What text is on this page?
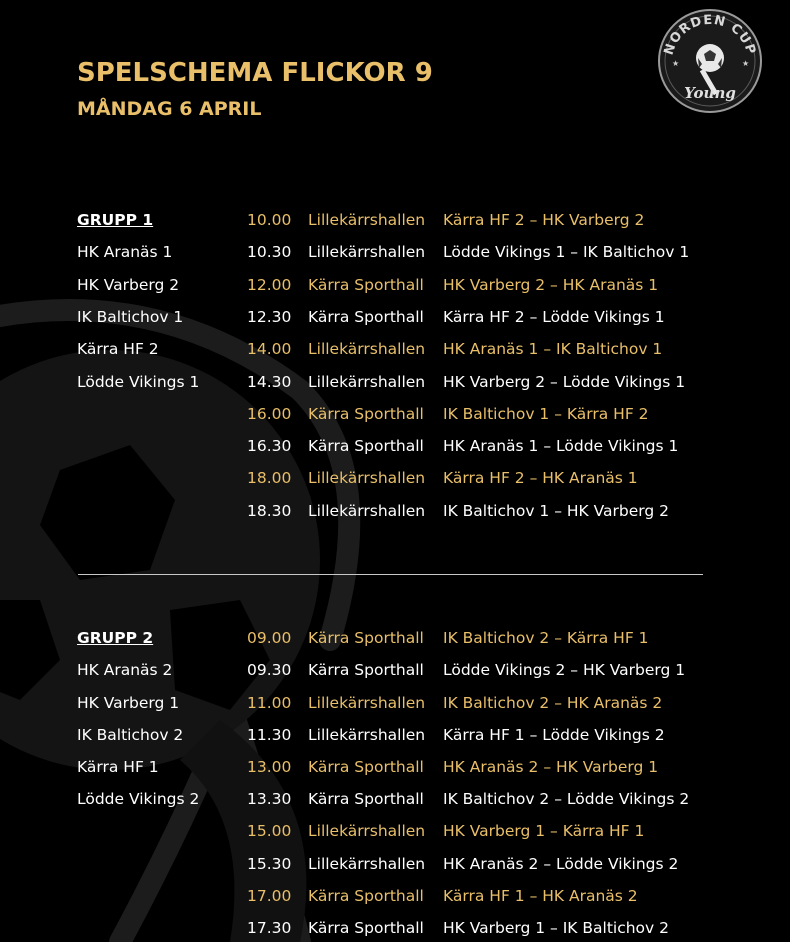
SPELSCHEMA FLICKOR 9
MÅNDAG 6 APRIL
NORDEN CUP
★	★
Young
GRUPP 1	10.00 Lillekärrshallen Kärra HF 2 – HK Varberg 2
HK Aranäs 1	10.30 Lillekärrshallen Lödde Vikings 1 – IK Baltichov 1
HK Varberg 2	12.00 Kärra Sporthall HK Varberg 2 – HK Aranäs 1
IK Baltichov 1	12.30 Kärra Sporthall Kärra HF 2 – Lödde Vikings 1
Kärra HF 2	14.00 Lillekärrshallen HK Aranäs 1 – IK Baltichov 1
Lödde Vikings 1	14.30 Lillekärrshallen HK Varberg 2 – Lödde Vikings 1
16.00 Kärra Sporthall IK Baltichov 1 – Kärra HF 2
16.30 Kärra Sporthall HK Aranäs 1 – Lödde Vikings 1
18.00 Lillekärrshallen Kärra HF 2 – HK Aranäs 1
18.30 Lillekärrshallen IK Baltichov 1 – HK Varberg 2
GRUPP 2	09.00 Kärra Sporthall IK Baltichov 2 – Kärra HF 1
HK Aranäs 2	09.30 Kärra Sporthall Lödde Vikings 2 – HK Varberg 1
HK Varberg 1	11.00 Lillekärrshallen IK Baltichov 2 – HK Aranäs 2
IK Baltichov 2	11.30 Lillekärrshallen Kärra HF 1 – Lödde Vikings 2
Kärra HF 1	13.00 Kärra Sporthall HK Aranäs 2 – HK Varberg 1
Lödde Vikings 2	13.30 Kärra Sporthall IK Baltichov 2 – Lödde Vikings 2
15.00 Lillekärrshallen HK Varberg 1 – Kärra HF 1
15.30 Lillekärrshallen HK Aranäs 2 – Lödde Vikings 2
17.00 Kärra Sporthall Kärra HF 1 – HK Aranäs 2
17.30 Kärra Sporthall HK Varberg 1 – IK Baltichov 2
